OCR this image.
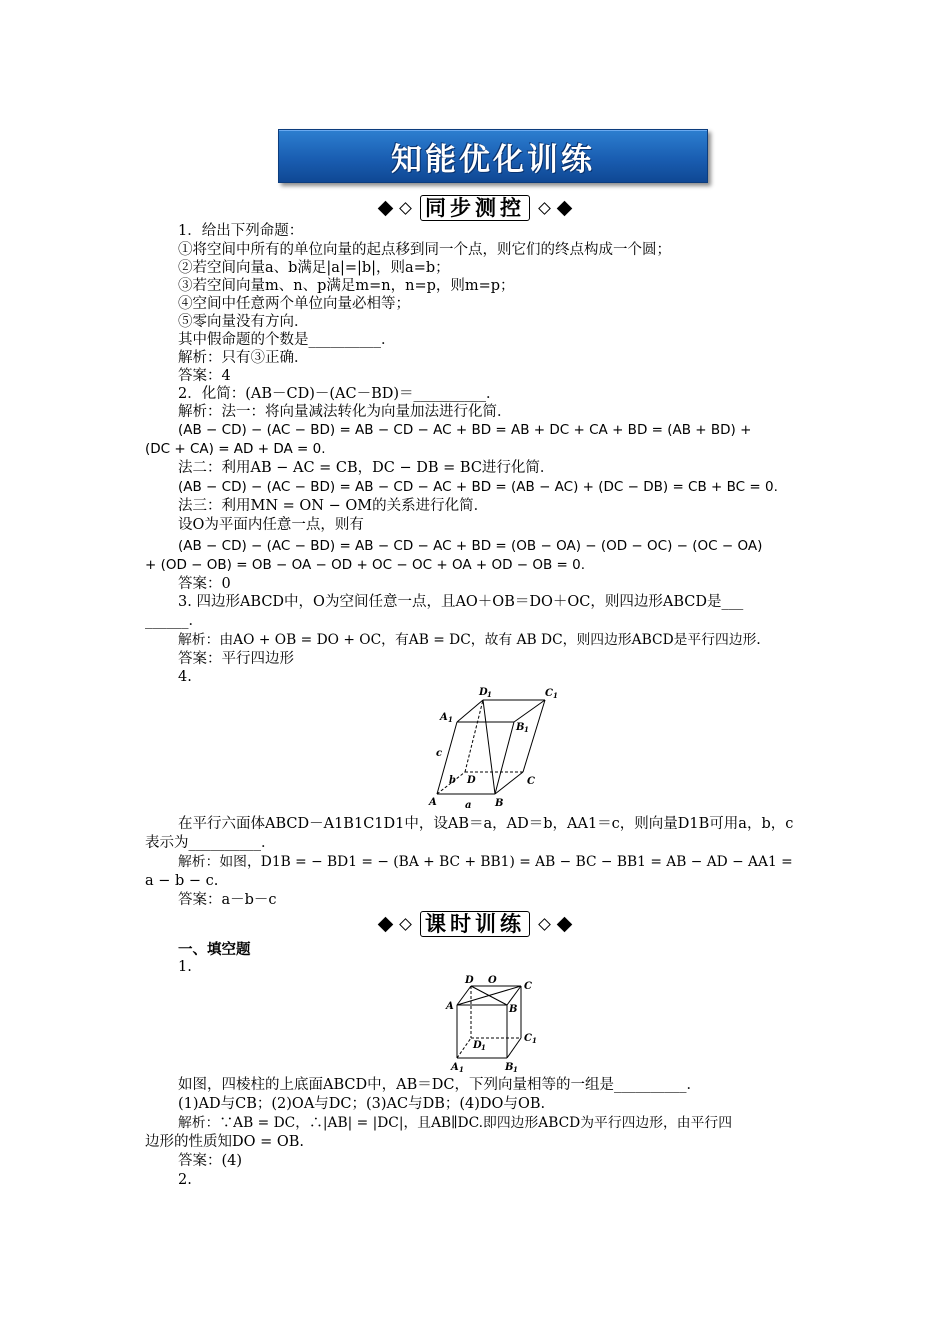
知能优化训练
同步测控
1．给出下列命题：
①将空间中所有的单位向量的起点移到同一个点，则它们的终点构成一个圆；
②若空间向量a、b满足|a|=|b|，则a=b；
③若空间向量m、n、p满足m=n，n=p，则m=p；
④空间中任意两个单位向量必相等；
⑤零向量没有方向．
其中假命题的个数是__________．
解析：只有③正确．
答案：4
2．化简：(AB－CD)－(AC－BD)＝__________．
解析：法一：将向量减法转化为向量加法进行化简．
(AB − CD) − (AC − BD) = AB − CD − AC + BD = AB + DC + CA + BD = (AB + BD) +
(DC + CA) = AD + DA = 0.
法二：利用AB − AC = CB，DC − DB = BC进行化简．
(AB − CD) − (AC − BD) = AB − CD − AC + BD = (AB − AC) + (DC − DB) = CB + BC = 0.
法三：利用MN = ON − OM的关系进行化简．
设O为平面内任意一点，则有
(AB − CD) − (AC − BD) = AB − CD − AC + BD = (OB − OA) − (OD − OC) − (OC − OA)
+ (OD − OB) = OB − OA − OD + OC − OC + OA + OD − OB = 0.
答案：0
3. 四边形ABCD中，O为空间任意一点，且AO＋OB＝DO＋OC，则四边形ABCD是___
______．
解析：由AO + OB = DO + OC，有AB = DC，故有 AB DC，则四边形ABCD是平行四边形．
答案：平行四边形
4.
D 1	C 1
A 1
B 1
c
b D	C
A	a B
在平行六面体ABCD－A1B1C1D1中，设AB＝a，AD＝b，AA1＝c，则向量D1B可用a，b，c
表示为__________．
解析：如图，D1B = − BD1 = − (BA + BC + BB1) = AB − BC − BB1 = AB − AD − AA1 =
a − b − c.
答案：a－b－c
课时训练
一、填空题
1.
D O
C
A	B
C 1
D 1
A 1	B 1
如图，四棱柱的上底面ABCD中，AB＝DC，下列向量相等的一组是__________．
(1)AD与CB；(2)OA与DC；(3)AC与DB；(4)DO与OB.
解析：∵AB = DC，∴|AB| = |DC|，且AB∥DC.即四边形ABCD为平行四边形，由平行四
边形的性质知DO = OB.
答案：(4)
2.
